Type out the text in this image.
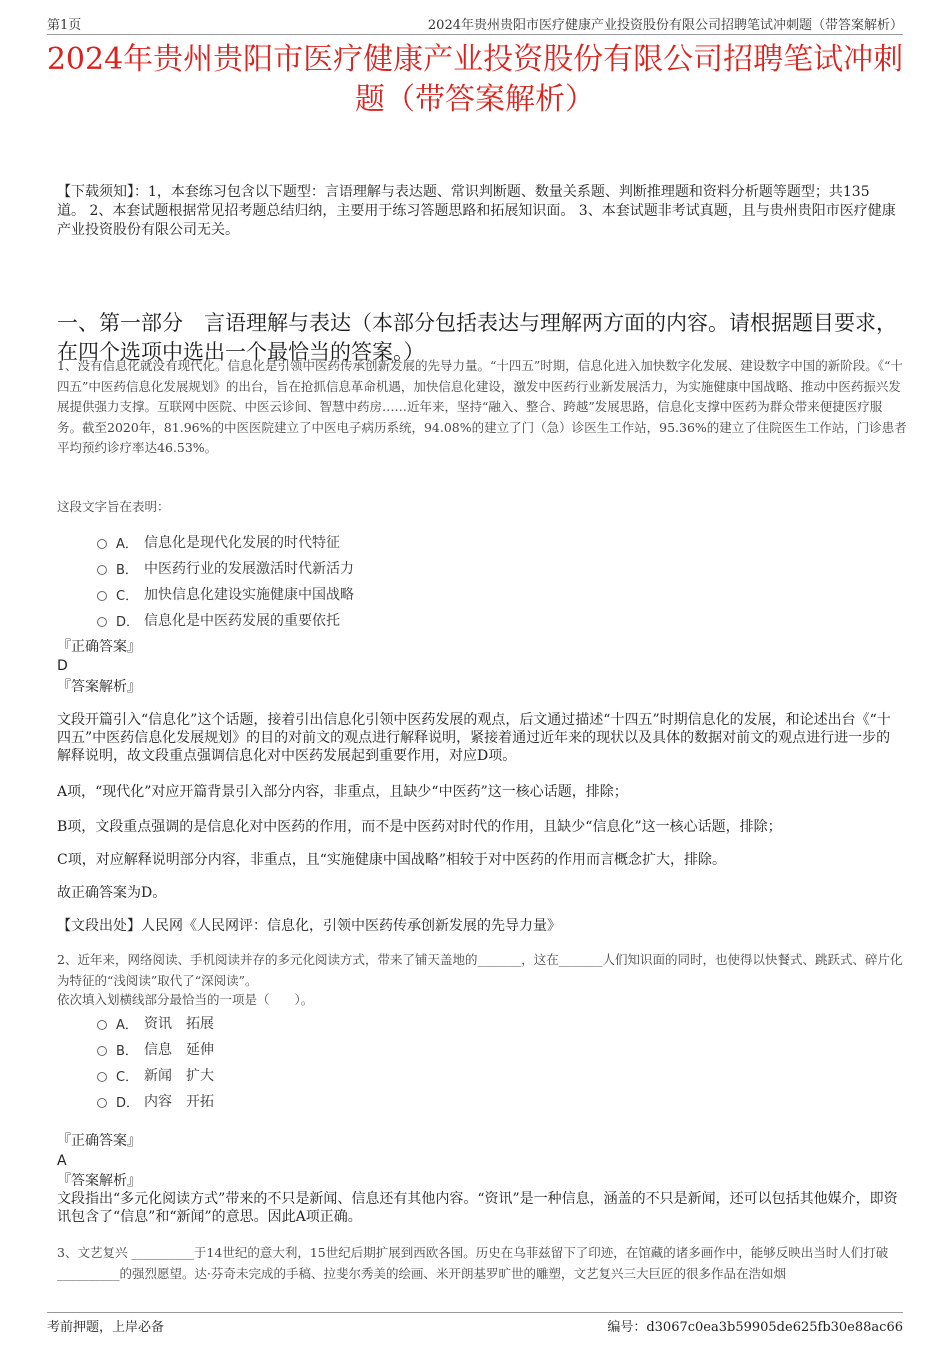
第1页	2024年贵州贵阳市医疗健康产业投资股份有限公司招聘笔试冲刺题（带答案解析）
2024年贵州贵阳市医疗健康产业投资股份有限公司招聘笔试冲刺题（带答案解析）
【下载须知】：1，本套练习包含以下题型：言语理解与表达题、常识判断题、数量关系题、判断推理题和资料分析题等题型；共135道。 2、本套试题根据常见招考题总结归纳，主要用于练习答题思路和拓展知识面。 3、本套试题非考试真题，且与贵州贵阳市医疗健康产业投资股份有限公司无关。
一、第一部分　言语理解与表达（本部分包括表达与理解两方面的内容。请根据题目要求，在四个选项中选出一个最恰当的答案。）
1、没有信息化就没有现代化。信息化是引领中医药传承创新发展的先导力量。“十四五”时期，信息化进入加快数字化发展、建设数字中国的新阶段。《“十四五”中医药信息化发展规划》的出台，旨在抢抓信息革命机遇，加快信息化建设，激发中医药行业新发展活力，为实施健康中国战略、推动中医药振兴发展提供强力支撑。互联网中医院、中医云诊间、智慧中药房……近年来，坚持“融入、整合、跨越”发展思路，信息化支撑中医药为群众带来便捷医疗服务。截至2020年，81.96%的中医医院建立了中医电子病历系统，94.08%的建立了门（急）诊医生工作站，95.36%的建立了住院医生工作站，门诊患者平均预约诊疗率达46.53%。
这段文字旨在表明：
A． 信息化是现代化发展的时代特征
B． 中医药行业的发展激活时代新活力
C． 加快信息化建设实施健康中国战略
D． 信息化是中医药发展的重要依托
『正确答案』
D
『答案解析』
文段开篇引入“信息化”这个话题，接着引出信息化引领中医药发展的观点，后文通过描述“十四五”时期信息化的发展，和论述出台《“十四五”中医药信息化发展规划》的目的对前文的观点进行解释说明，紧接着通过近年来的现状以及具体的数据对前文的观点进行进一步的解释说明，故文段重点强调信息化对中医药发展起到重要作用，对应D项。
A项，“现代化”对应开篇背景引入部分内容，非重点，且缺少“中医药”这一核心话题，排除；
B项，文段重点强调的是信息化对中医药的作用，而不是中医药对时代的作用，且缺少“信息化”这一核心话题，排除；
C项，对应解释说明部分内容，非重点，且“实施健康中国战略”相较于对中医药的作用而言概念扩大，排除。
故正确答案为D。
【文段出处】人民网《人民网评：信息化，引领中医药传承创新发展的先导力量》
2、近年来，网络阅读、手机阅读并存的多元化阅读方式，带来了铺天盖地的_______，这在_______人们知识面的同时，也使得以快餐式、跳跃式、碎片化为特征的“浅阅读”取代了“深阅读”。
依次填入划横线部分最恰当的一项是（　　）。
A． 资讯　拓展
B． 信息　延伸
C． 新闻　扩大
D． 内容　开拓
『正确答案』
A
『答案解析』
文段指出“多元化阅读方式”带来的不只是新闻、信息还有其他内容。“资讯”是一种信息，涵盖的不只是新闻，还可以包括其他媒介，即资讯包含了“信息”和“新闻”的意思。因此A项正确。
3、文艺复兴 __________于14世纪的意大利，15世纪后期扩展到西欧各国。历史在乌菲兹留下了印迹，在馆藏的诸多画作中，能够反映出当时人们打破 __________的强烈愿望。达·芬奇未完成的手稿、拉斐尔秀美的绘画、米开朗基罗旷世的雕塑，文艺复兴三大巨匠的很多作品在浩如烟
考前押题，上岸必备	编号：d3067c0ea3b59905de625fb30e88ac66
